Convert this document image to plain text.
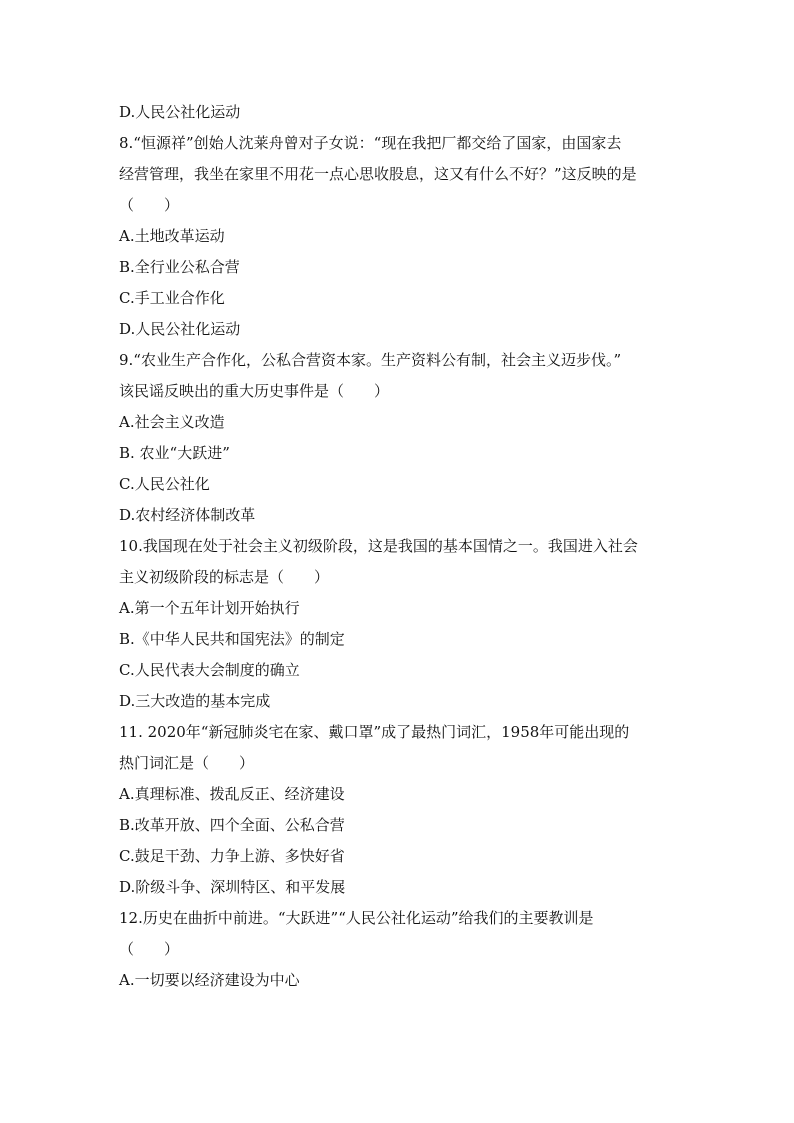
D.人民公社化运动
8.“恒源祥”创始人沈莱舟曾对子女说：“现在我把厂都交给了国家，由国家去
经营管理，我坐在家里不用花一点心思收股息，这又有什么不好？”这反映的是
（　　）
A.土地改革运动
B.全行业公私合营
C.手工业合作化
D.人民公社化运动
9.“农业生产合作化，公私合营资本家。生产资料公有制，社会主义迈步伐。”
该民谣反映出的重大历史事件是（　　）
A.社会主义改造
B. 农业“大跃进”
C.人民公社化
D.农村经济体制改革
10.我国现在处于社会主义初级阶段，这是我国的基本国情之一。我国进入社会
主义初级阶段的标志是（　　）
A.第一个五年计划开始执行
B.《中华人民共和国宪法》的制定
C.人民代表大会制度的确立
D.三大改造的基本完成
11. 2020年“新冠肺炎宅在家、戴口罩”成了最热门词汇，1958年可能出现的
热门词汇是（　　）
A.真理标准、拨乱反正、经济建设
B.改革开放、四个全面、公私合营
C.鼓足干劲、力争上游、多快好省
D.阶级斗争、深圳特区、和平发展
12.历史在曲折中前进。“大跃进”“人民公社化运动”给我们的主要教训是
（　　）
A.一切要以经济建设为中心
